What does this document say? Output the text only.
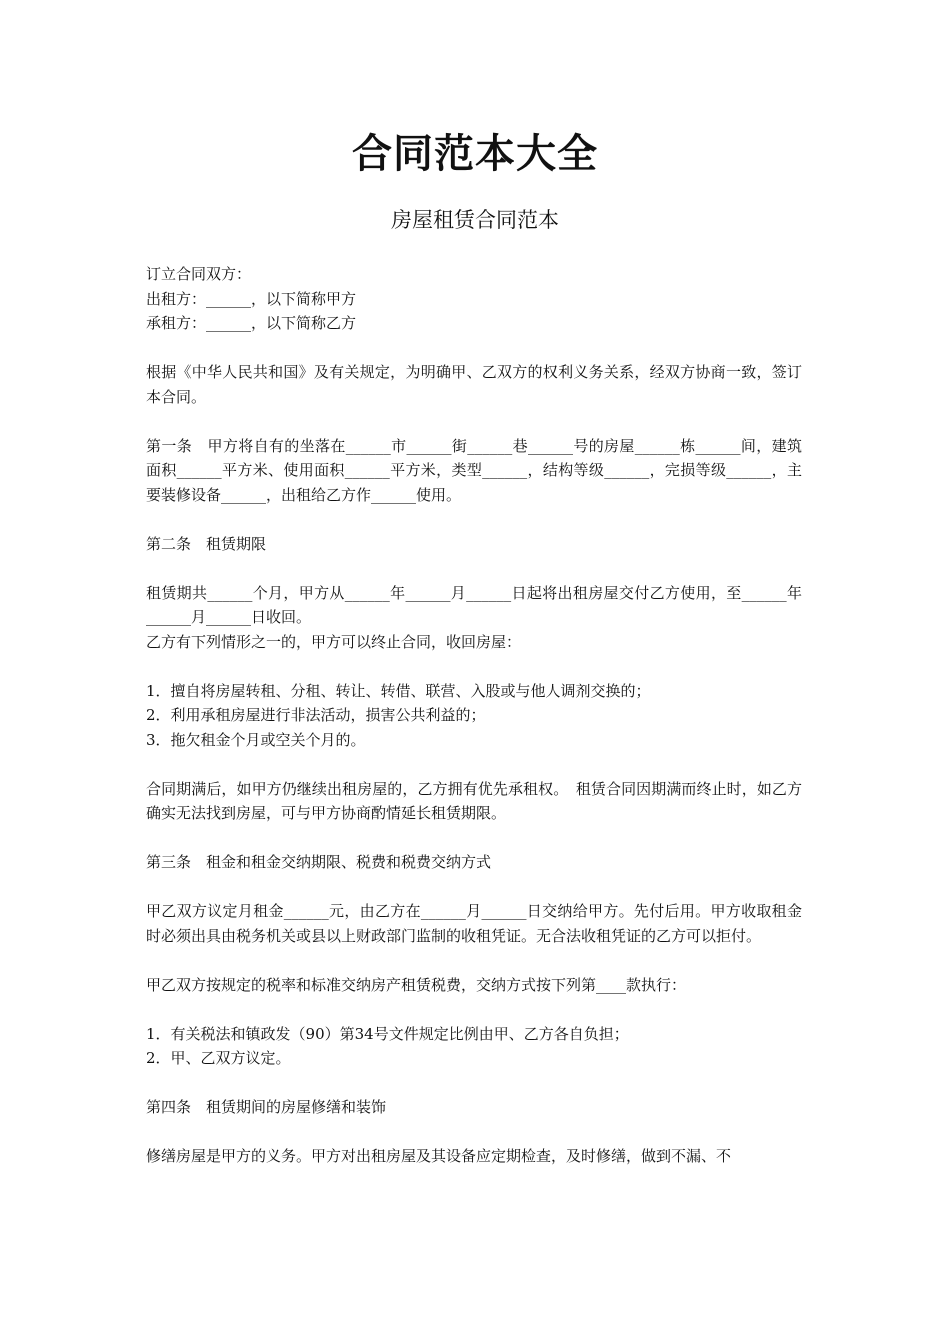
合同范本大全
房屋租赁合同范本

订立合同双方：

出租方：______，以下简称甲方

承租方：______，以下简称乙方

根据《中华人民共和国》及有关规定，为明确甲、乙双方的权利义务关系，经双方协商一致，签订本合同。

第一条　甲方将自有的坐落在______市______街______巷______号的房屋______栋______间，建筑面积______平方米、使用面积______平方米，类型______，结构等级______，完损等级______，主要装修设备______，出租给乙方作______使用。

第二条　租赁期限

租赁期共______个月，甲方从______年______月______日起将出租房屋交付乙方使用，至______年______月______日收回。

乙方有下列情形之一的，甲方可以终止合同，收回房屋：

1．擅自将房屋转租、分租、转让、转借、联营、入股或与他人调剂交换的；

2．利用承租房屋进行非法活动，损害公共利益的；

3．拖欠租金个月或空关个月的。

合同期满后，如甲方仍继续出租房屋的，乙方拥有优先承租权。　租赁合同因期满而终止时，如乙方确实无法找到房屋，可与甲方协商酌情延长租赁期限。

第三条　租金和租金交纳期限、税费和税费交纳方式

甲乙双方议定月租金______元，由乙方在______月______日交纳给甲方。先付后用。甲方收取租金时必须出具由税务机关或县以上财政部门监制的收租凭证。无合法收租凭证的乙方可以拒付。

甲乙双方按规定的税率和标准交纳房产租赁税费，交纳方式按下列第____款执行：

1．有关税法和镇政发（90）第34号文件规定比例由甲、乙方各自负担；

2．甲、乙双方议定。

第四条　租赁期间的房屋修缮和装饰

修缮房屋是甲方的义务。甲方对出租房屋及其设备应定期检查，及时修缮，做到不漏、不
